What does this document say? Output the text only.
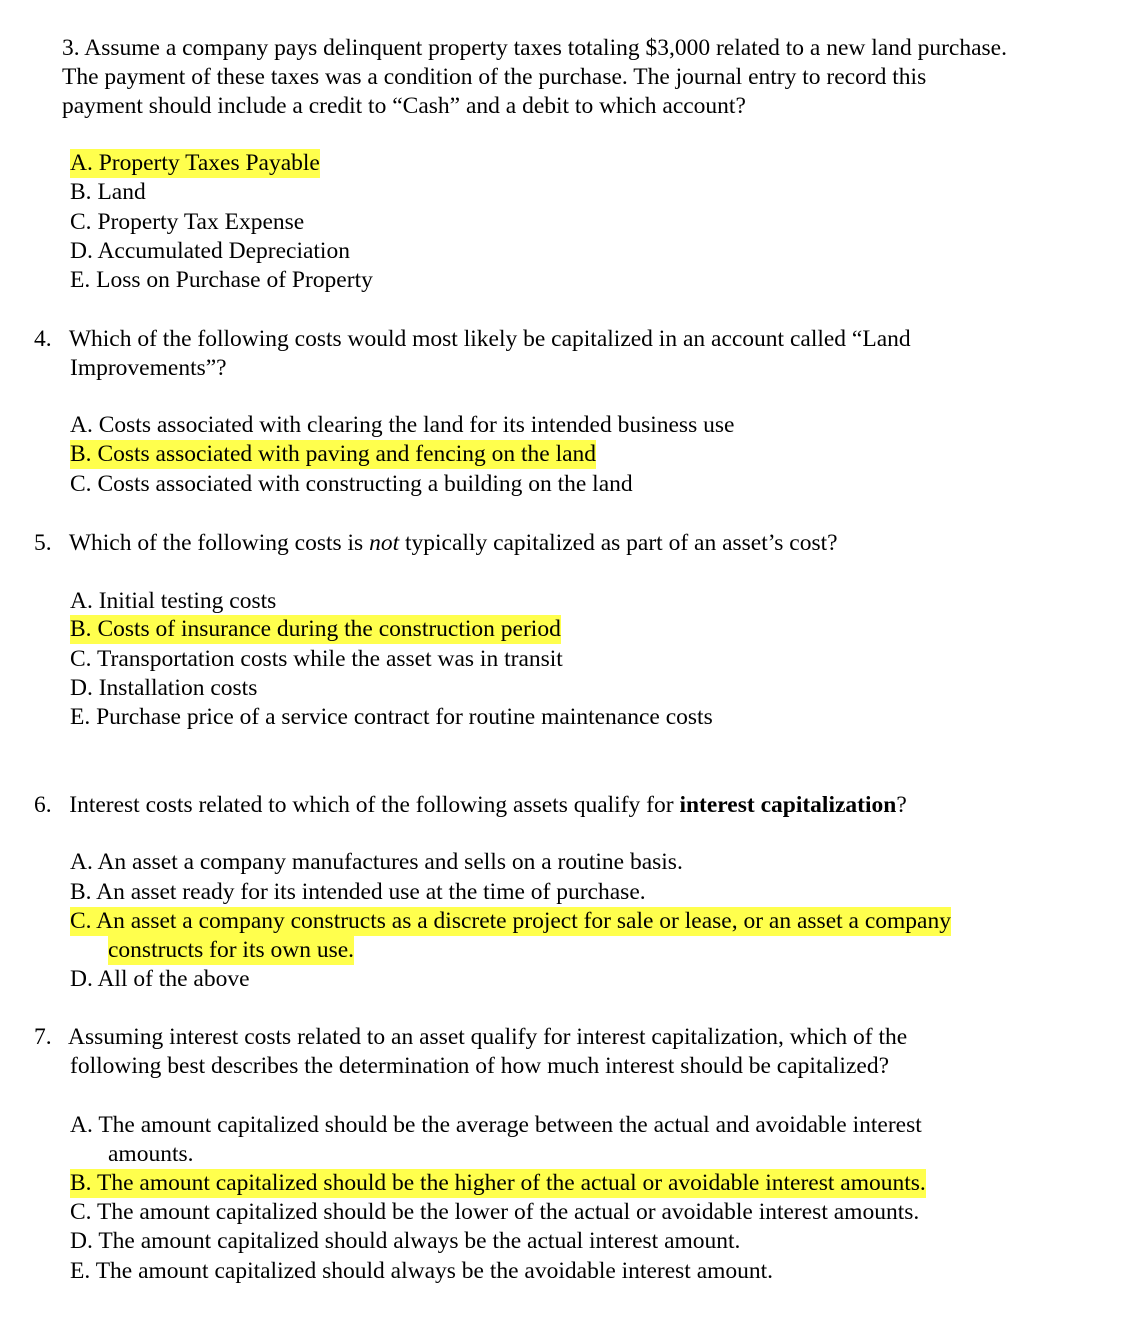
3. Assume a company pays delinquent property taxes totaling $3,000 related to a new land purchase.
The payment of these taxes was a condition of the purchase. The journal entry to record this
payment should include a credit to “Cash” and a debit to which account?
A. Property Taxes Payable
B. Land
C. Property Tax Expense
D. Accumulated Depreciation
E. Loss on Purchase of Property
4. Which of the following costs would most likely be capitalized in an account called “Land
Improvements”?
A. Costs associated with clearing the land for its intended business use
B. Costs associated with paving and fencing on the land
C. Costs associated with constructing a building on the land
5. Which of the following costs is not typically capitalized as part of an asset’s cost?
A. Initial testing costs
B. Costs of insurance during the construction period
C. Transportation costs while the asset was in transit
D. Installation costs
E. Purchase price of a service contract for routine maintenance costs
6. Interest costs related to which of the following assets qualify for interest capitalization?
A. An asset a company manufactures and sells on a routine basis.
B. An asset ready for its intended use at the time of purchase.
C. An asset a company constructs as a discrete project for sale or lease, or an asset a company
constructs for its own use.
D. All of the above
7. Assuming interest costs related to an asset qualify for interest capitalization, which of the
following best describes the determination of how much interest should be capitalized?
A. The amount capitalized should be the average between the actual and avoidable interest
amounts.
B. The amount capitalized should be the higher of the actual or avoidable interest amounts.
C. The amount capitalized should be the lower of the actual or avoidable interest amounts.
D. The amount capitalized should always be the actual interest amount.
E. The amount capitalized should always be the avoidable interest amount.
